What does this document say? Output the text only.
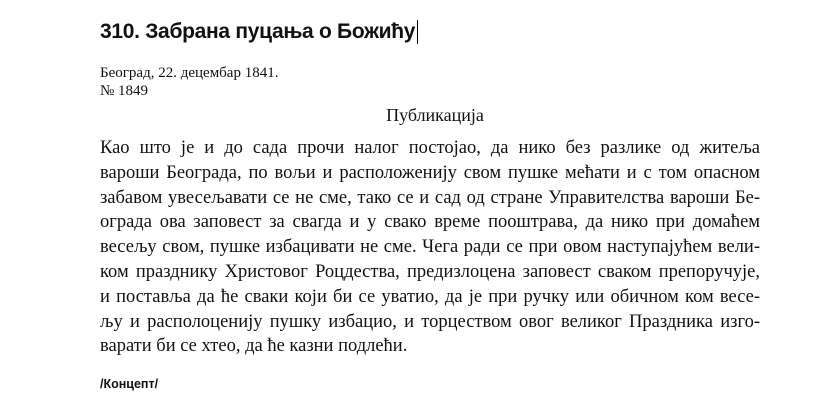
310. Забрана пуцања о Божићу
Београд, 22. децембар 1841.
№ 1849
Публикација
Као што је и до сада прочи налог постојао, да нико без разлике од житеља
вароши Београда, по вољи и расположенију свом пушке мећати и с том опасном
забавом увесељавати се не сме, тако се и сад од стране Управителства вароши Бе-
ограда ова заповест за свагда и у свако време пооштрава, да нико при домаћем
весељу свом, пушке избацивати не сме. Чега ради се при овом наступајућем вели-
ком празднику Христовог Роцдества, предизлоцена заповест сваком препоручује,
и поставља да ће сваки који би се уватио, да је при ручку или обичном ком весе-
љу и располоценију пушку избацио, и торцеством овог великог Праздника изго-
варати би се хтео, да ће казни подлећи.
/Концепт/
